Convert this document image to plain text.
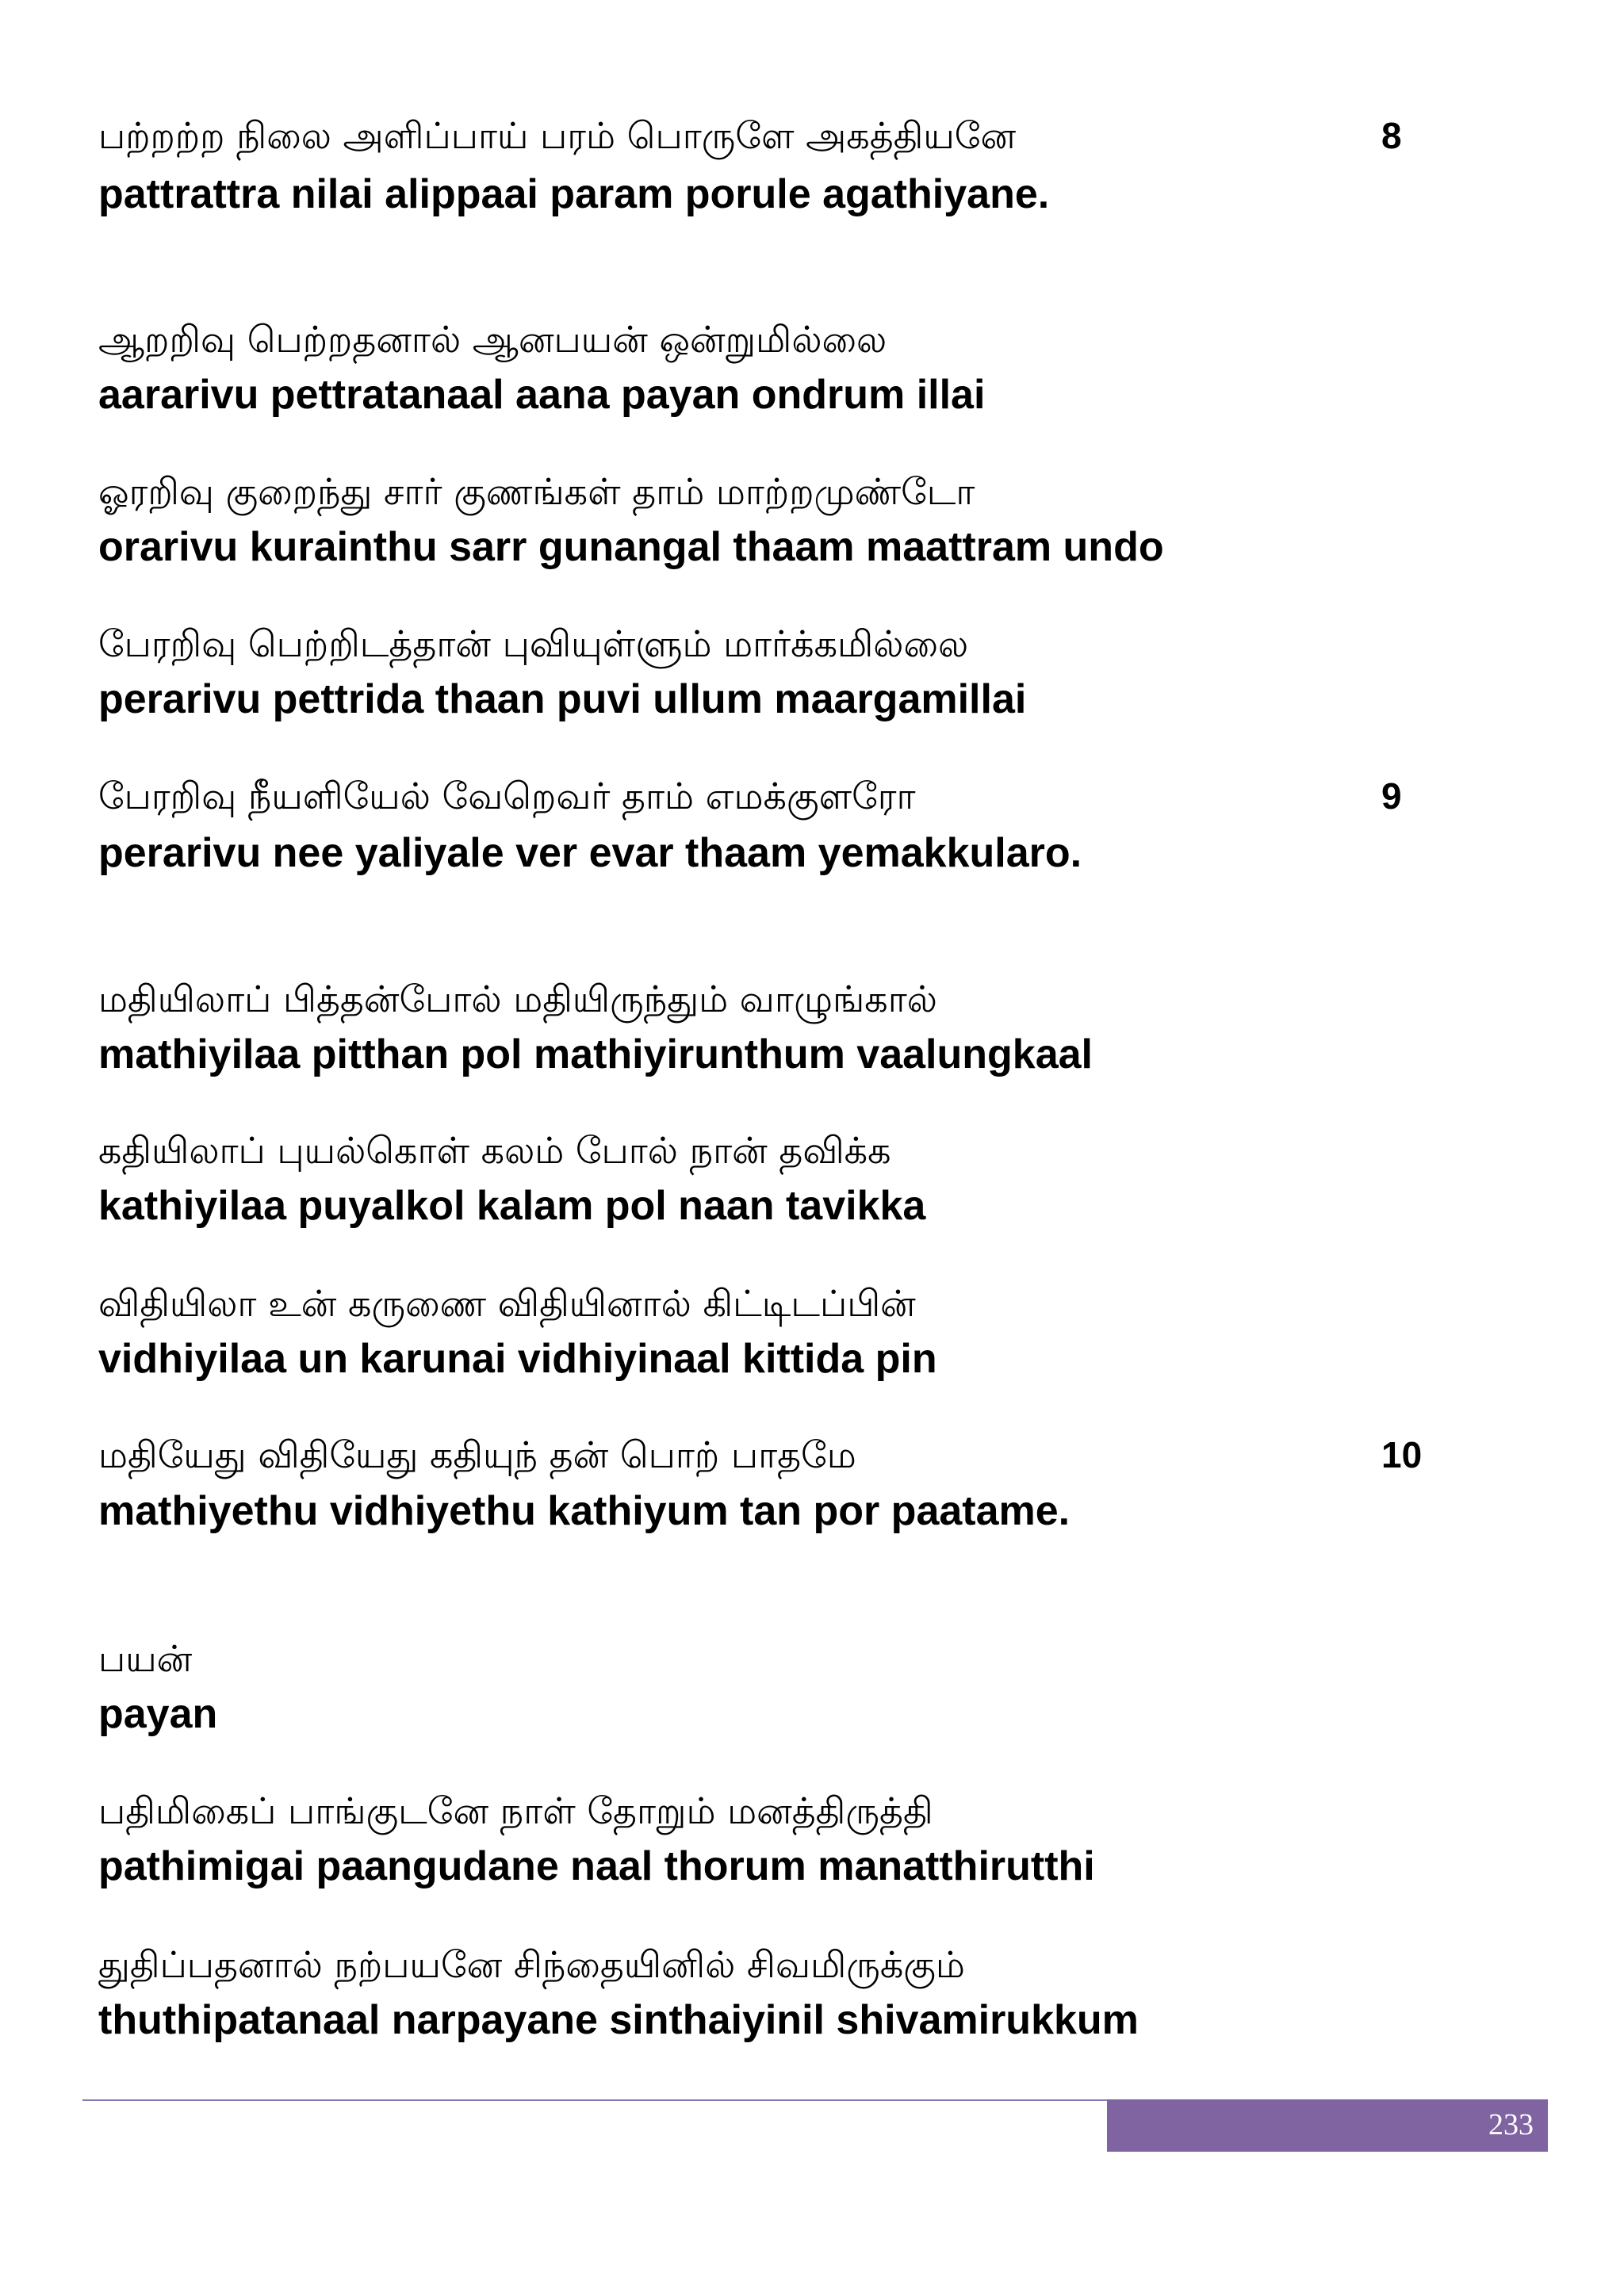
பற்றற்ற நிலை அளிப்பாய் பரம் பொருளே அகத்தியனே	8
pattrattra nilai alippaai param porule agathiyane.
ஆறறிவு பெற்றதனால் ஆனபயன் ஒன்றுமில்லை
aararivu pettratanaal aana payan ondrum illai
ஓரறிவு குறைந்து சார் குணங்கள் தாம் மாற்றமுண்டோ
orarivu kurainthu sarr gunangal thaam maattram undo
பேரறிவு பெற்றிடத்தான் புவியுள்ளும் மார்க்கமில்லை
perarivu pettrida thaan puvi ullum maargamillai
பேரறிவு நீயளியேல் வேறெவர் தாம் எமக்குளரோ	9
perarivu nee yaliyale ver evar thaam yemakkularo.
மதியிலாப் பித்தன்போல் மதியிருந்தும் வாழுங்கால்
mathiyilaa pitthan pol mathiyirunthum vaalungkaal
கதியிலாப் புயல்கொள் கலம் போல் நான் தவிக்க
kathiyilaa puyalkol kalam pol naan tavikka
விதியிலா உன் கருணை விதியினால் கிட்டிடப்பின்
vidhiyilaa un karunai vidhiyinaal kittida pin
மதியேது விதியேது கதியுந் தன் பொற் பாதமே	10
mathiyethu vidhiyethu kathiyum tan por paatame.
பயன்
payan
பதிமிகைப் பாங்குடனே நாள் தோறும் மனத்திருத்தி
pathimigai paangudane naal thorum manatthirutthi
துதிப்பதனால் நற்பயனே சிந்தையினில் சிவமிருக்கும்
thuthipatanaal narpayane sinthaiyinil shivamirukkum
233
